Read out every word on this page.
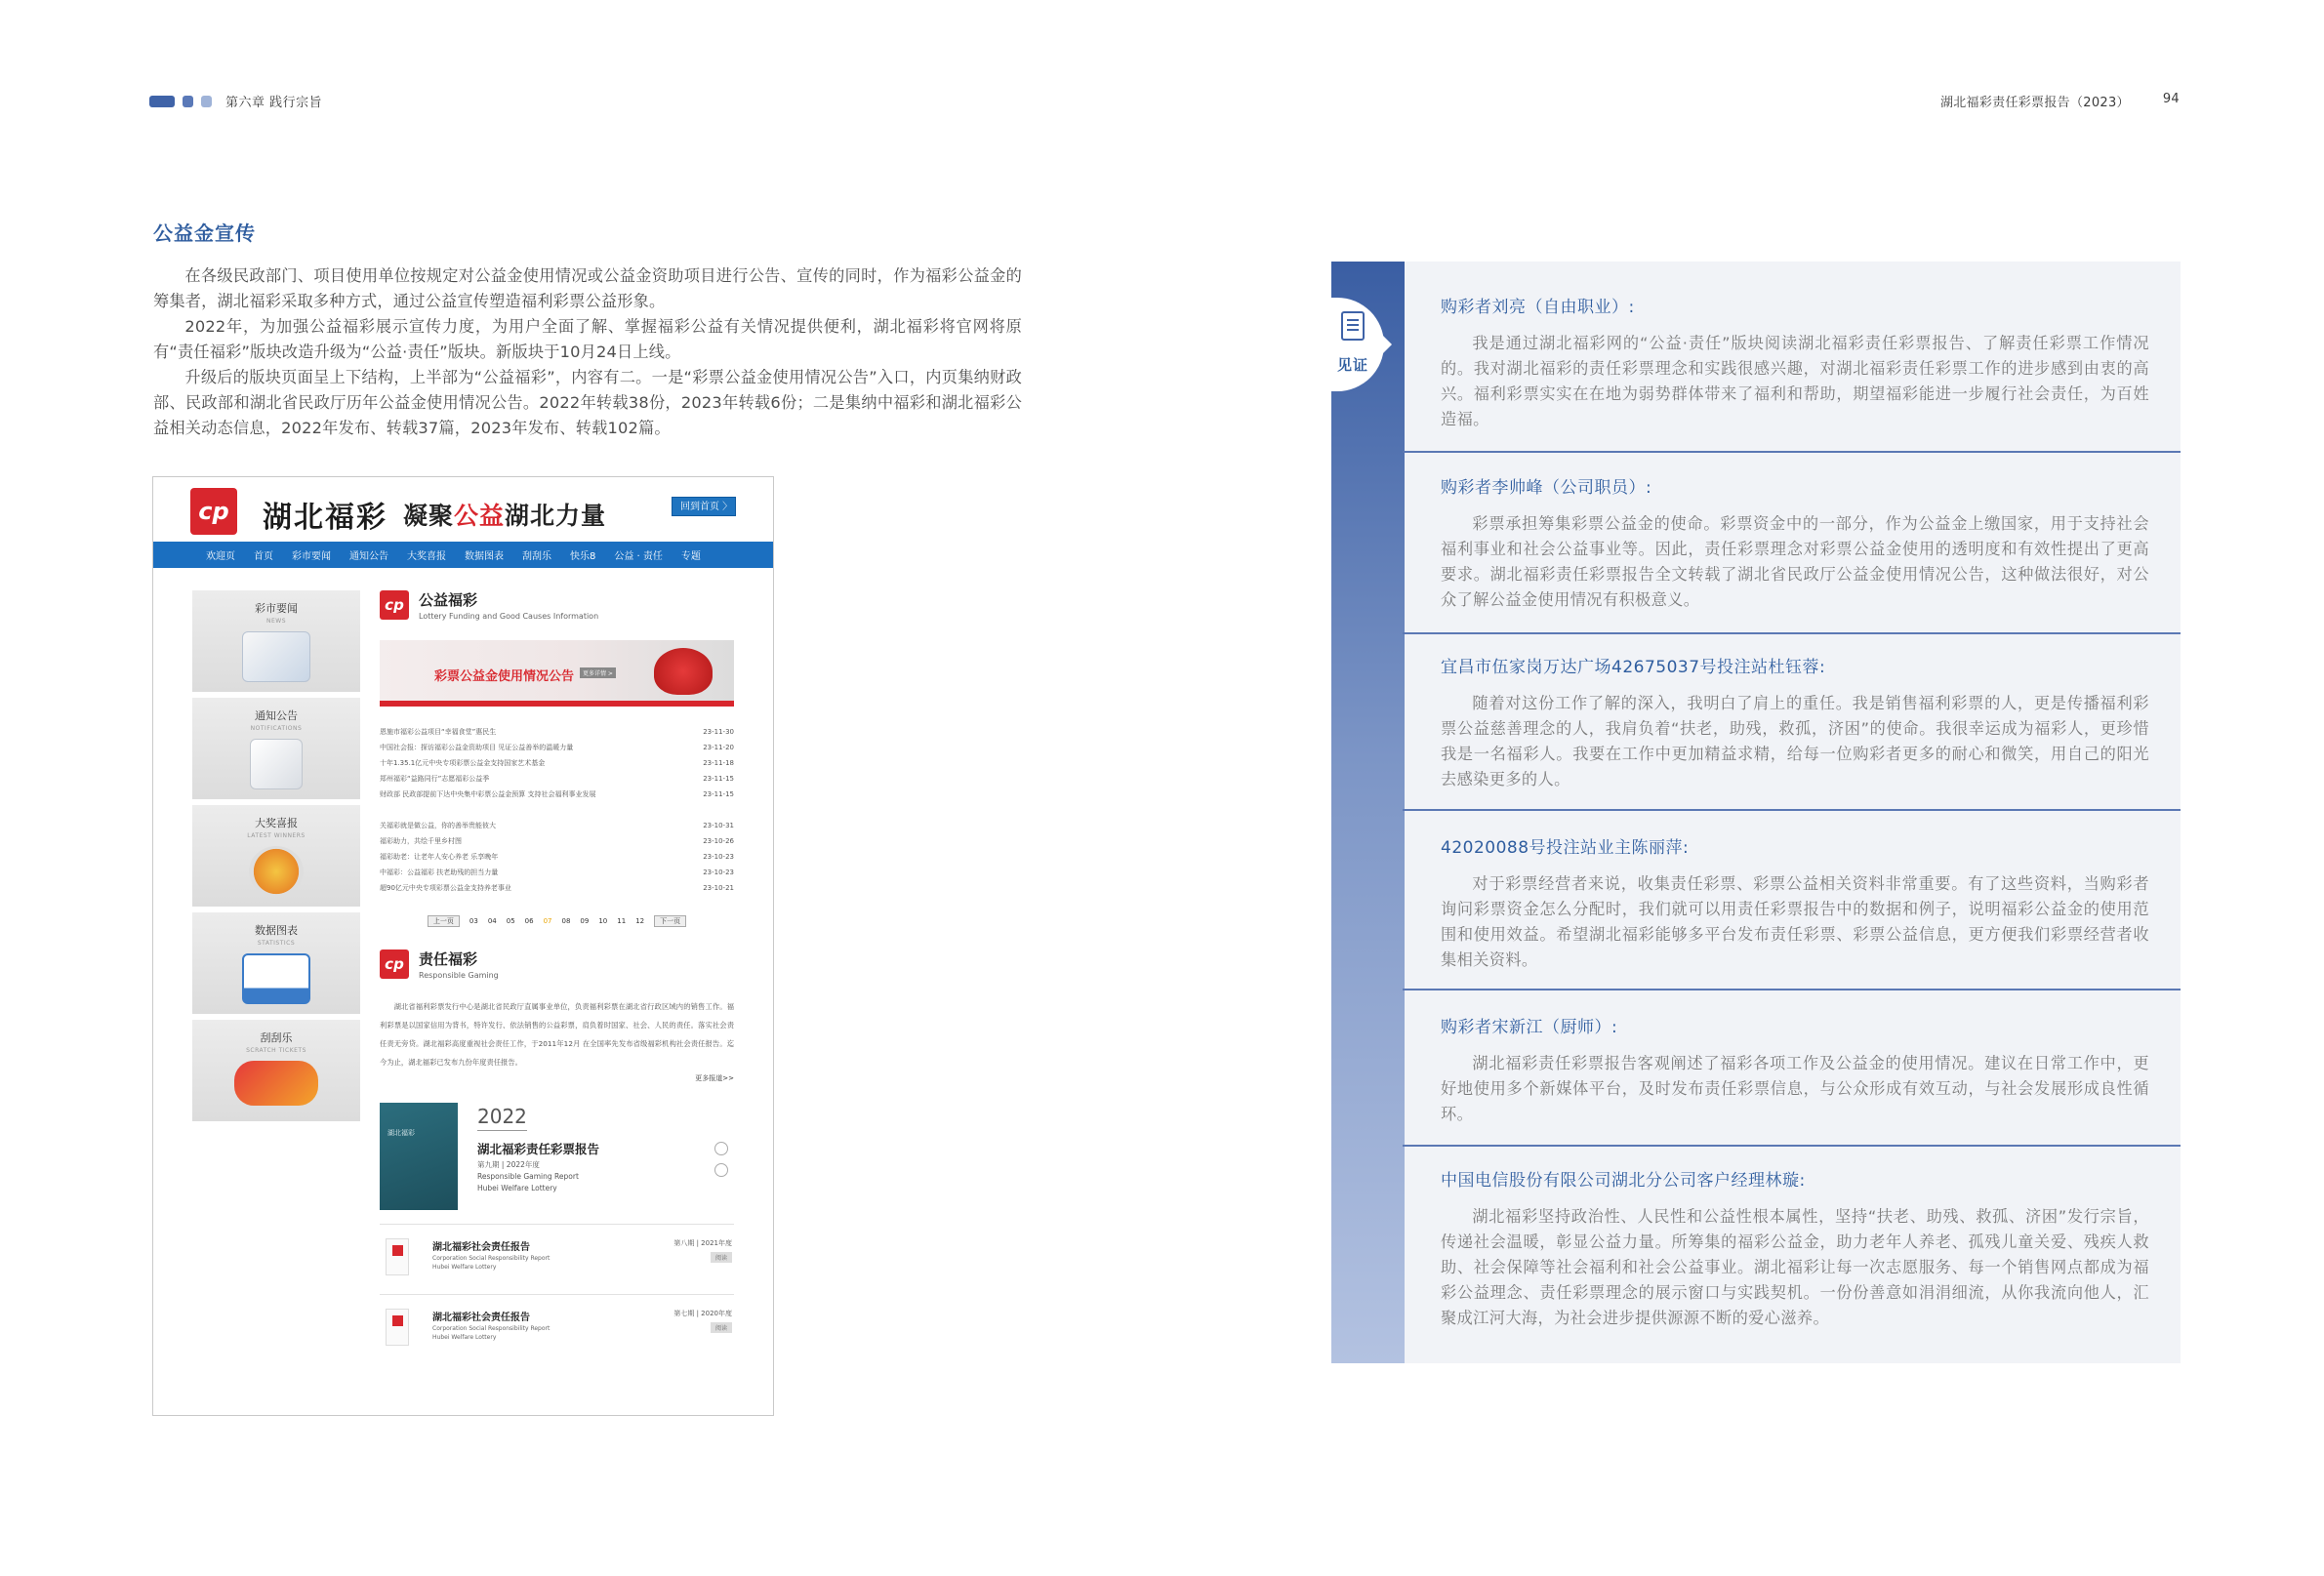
第六章 践行宗旨	湖北福彩责任彩票报告（2023）	94
公益金宣传

在各级民政部门、项目使用单位按规定对公益金使用情况或公益金资助项目进行公告、宣传的同时，作为福彩公益金的筹集者，湖北福彩采取多种方式，通过公益宣传塑造福利彩票公益形象。

2022年，为加强公益福彩展示宣传力度，为用户全面了解、掌握福彩公益有关情况提供便利，湖北福彩将官网将原有“责任福彩”版块改造升级为“公益·责任”版块。新版块于10月24日上线。

升级后的版块页面呈上下结构，上半部为“公益福彩”，内容有二。一是“彩票公益金使用情况公告”入口，内页集纳财政部、民政部和湖北省民政厅历年公益金使用情况公告。2022年转载38份，2023年转载6份；二是集纳中福彩和湖北福彩公益相关动态信息，2022年发布、转载37篇，2023年发布、转载102篇。

cp 湖北福彩 凝聚公益湖北力量	回到首页 〉
欢迎页 首页 彩市要闻 通知公告 大奖喜报 数据图表 刮刮乐 快乐8 公益 · 责任 专题
彩市要闻
NEWS
通知公告
NOTIFICATIONS
大奖喜报
LATEST WINNERS
数据图表
STATISTICS
刮刮乐
SCRATCH TICKETS
cp	公益福彩
Lottery Funding and Good Causes Information
彩票公益金使用情况公告	更多详情 >
恩施市福彩公益项目“幸福食堂”惠民生	23-11-30
中国社会报：探访福彩公益金资助项目 见证公益善举的温暖力量	23-11-20
十年1.35.1亿元中央专项彩票公益金支持国家艺术基金	23-11-18
郑州福彩“益路同行”志愿福彩公益季	23-11-15
财政部 民政部提前下达中央集中彩票公益金预算 支持社会福利事业发展	23-11-15
关福彩就是做公益，你的善举贵能彼大	23-10-31
福彩助力，共绘千里乡村图	23-10-26
福彩助老：让老年人安心养老 乐享晚年	23-10-23
中福彩：公益福彩 扶老助残的担当力量	23-10-23
超90亿元中央专项彩票公益金支持养老事业	23-10-21
上一页	03 04 05 06 07 08 09 10 11 12	下一页
cp	责任福彩
Responsible Gaming
湖北省福利彩票发行中心是湖北省民政厅直属事业单位，负责福利彩票在湖北省行政区域内的销售工作。福利彩票是以国家信用为背书，特许发行、依法销售的公益彩票，肩负着时国家、社会、人民的责任。落实社会责任责无旁贷。湖北福彩高度重视社会责任工作，于2011年12月 在全国率先发布省级福彩机构社会责任报告。迄今为止，湖北福彩已发布九份年度责任报告。
更多报道>>
湖北福彩
2022
湖北福彩责任彩票报告
第九期 | 2022年度
Responsible Gaming Report
Hubei Welfare Lottery
湖北福彩社会责任报告
Corporation Social Responsibility Report
Hubei Welfare Lottery
第八期 | 2021年度
阅读
湖北福彩社会责任报告
Corporation Social Responsibility Report
Hubei Welfare Lottery
第七期 | 2020年度
阅读
见证
购彩者刘亮（自由职业）:
我是通过湖北福彩网的“公益·责任”版块阅读湖北福彩责任彩票报告、了解责任彩票工作情况的。我对湖北福彩的责任彩票理念和实践很感兴趣，对湖北福彩责任彩票工作的进步感到由衷的高兴。福利彩票实实在在地为弱势群体带来了福利和帮助，期望福彩能进一步履行社会责任，为百姓造福。
购彩者李帅峰（公司职员）:
彩票承担筹集彩票公益金的使命。彩票资金中的一部分，作为公益金上缴国家，用于支持社会福利事业和社会公益事业等。因此，责任彩票理念对彩票公益金使用的透明度和有效性提出了更高要求。湖北福彩责任彩票报告全文转载了湖北省民政厅公益金使用情况公告，这种做法很好，对公众了解公益金使用情况有积极意义。
宜昌市伍家岗万达广场42675037号投注站杜钰蓉:
随着对这份工作了解的深入，我明白了肩上的重任。我是销售福利彩票的人，更是传播福利彩票公益慈善理念的人，我肩负着“扶老，助残，救孤，济困”的使命。我很幸运成为福彩人，更珍惜我是一名福彩人。我要在工作中更加精益求精，给每一位购彩者更多的耐心和微笑，用自己的阳光去感染更多的人。
42020088号投注站业主陈丽萍:
对于彩票经营者来说，收集责任彩票、彩票公益相关资料非常重要。有了这些资料，当购彩者询问彩票资金怎么分配时，我们就可以用责任彩票报告中的数据和例子，说明福彩公益金的使用范围和使用效益。希望湖北福彩能够多平台发布责任彩票、彩票公益信息，更方便我们彩票经营者收集相关资料。
购彩者宋新江（厨师）:
湖北福彩责任彩票报告客观阐述了福彩各项工作及公益金的使用情况。建议在日常工作中，更好地使用多个新媒体平台，及时发布责任彩票信息，与公众形成有效互动，与社会发展形成良性循环。
中国电信股份有限公司湖北分公司客户经理林璇:
湖北福彩坚持政治性、人民性和公益性根本属性，坚持“扶老、助残、救孤、济困”发行宗旨，传递社会温暖，彰显公益力量。所筹集的福彩公益金，助力老年人养老、孤残儿童关爱、残疾人救助、社会保障等社会福利和社会公益事业。湖北福彩让每一次志愿服务、每一个销售网点都成为福彩公益理念、责任彩票理念的展示窗口与实践契机。一份份善意如涓涓细流，从你我流向他人，汇聚成江河大海，为社会进步提供源源不断的爱心滋养。
